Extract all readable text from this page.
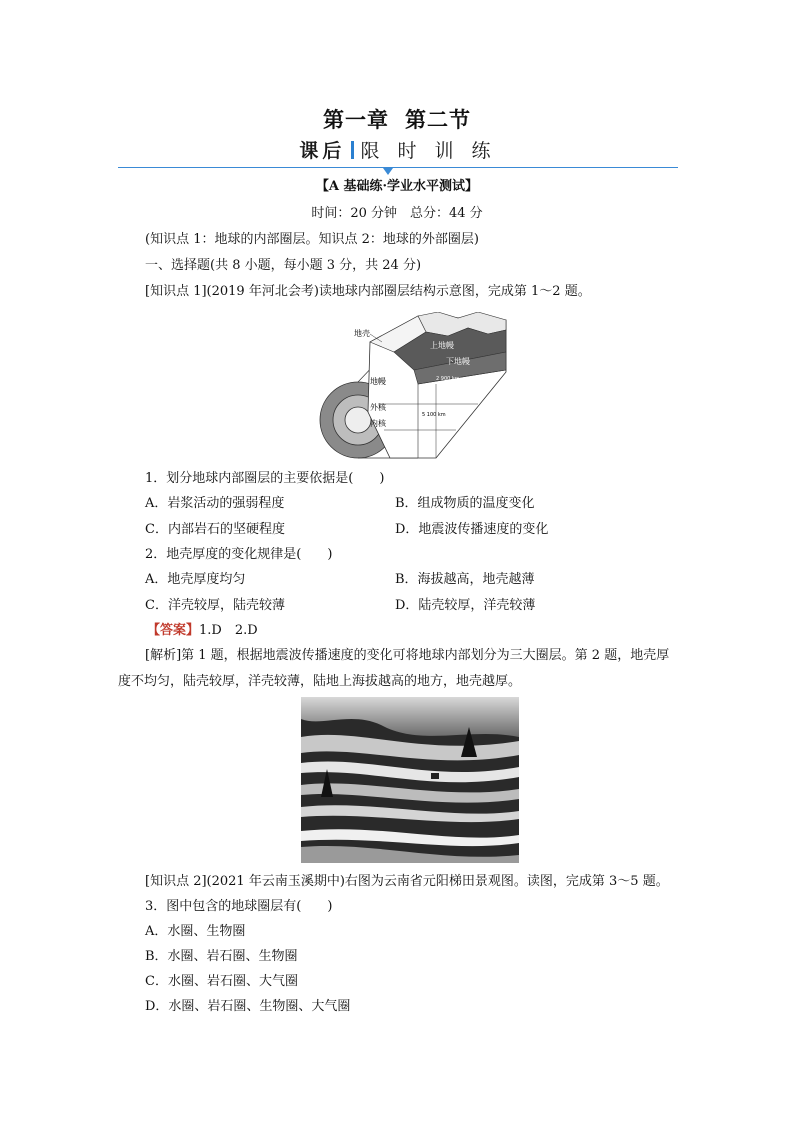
第一章 第二节
课后 限 时 训 练
【A 基础练·学业水平测试】
时间：20 分钟　总分：44 分
(知识点 1：地球的内部圈层。知识点 2：地球的外部圈层)
一、选择题(共 8 小题，每小题 3 分，共 24 分)
[知识点 1](2019 年河北会考)读地球内部圈层结构示意图，完成第 1～2 题。
地壳
上地幔
下地幔
地幔	2 900 km
外核
5 100 km
内核
1．划分地球内部圈层的主要依据是(　　)
A．岩浆活动的强弱程度	B．组成物质的温度变化
C．内部岩石的坚硬程度	D．地震波传播速度的变化
2．地壳厚度的变化规律是(　　)
A．地壳厚度均匀	B．海拔越高，地壳越薄
C．洋壳较厚，陆壳较薄	D．陆壳较厚，洋壳较薄
【答案】1.D　2.D
[解析]第 1 题，根据地震波传播速度的变化可将地球内部划分为三大圈层。第 2 题，地壳厚度不均匀，陆壳较厚，洋壳较薄，陆地上海拔越高的地方，地壳越厚。
[知识点 2](2021 年云南玉溪期中)右图为云南省元阳梯田景观图。读图，完成第 3～5 题。
3．图中包含的地球圈层有(　　)
A．水圈、生物圈
B．水圈、岩石圈、生物圈
C．水圈、岩石圈、大气圈
D．水圈、岩石圈、生物圈、大气圈
